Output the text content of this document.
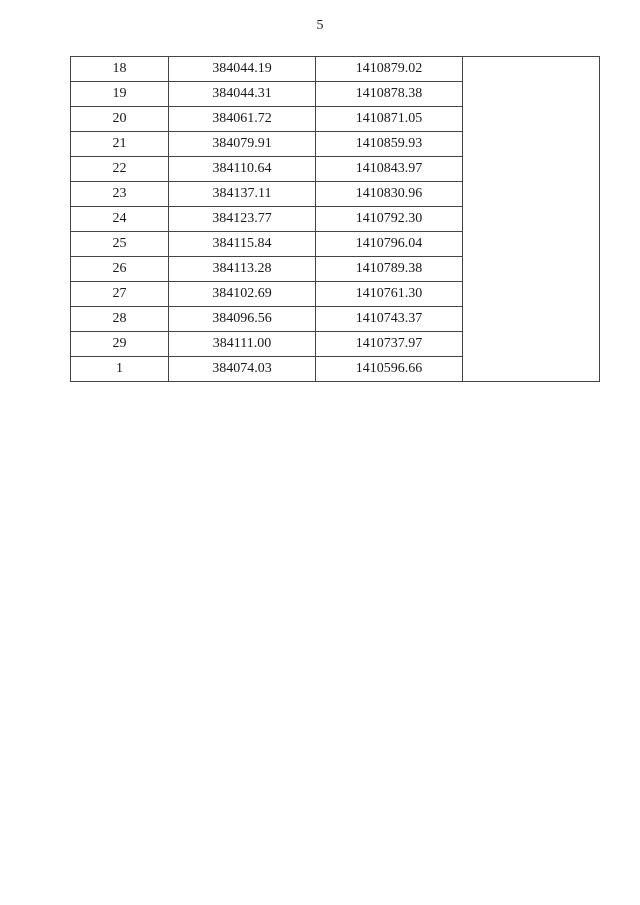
5
18	384044.19	1410879.02	
19	384044.31	1410878.38	
20	384061.72	1410871.05	
21	384079.91	1410859.93	
22	384110.64	1410843.97	
23	384137.11	1410830.96	
24	384123.77	1410792.30	
25	384115.84	1410796.04	
26	384113.28	1410789.38	
27	384102.69	1410761.30	
28	384096.56	1410743.37	
29	384111.00	1410737.97	
1	384074.03	1410596.66	
